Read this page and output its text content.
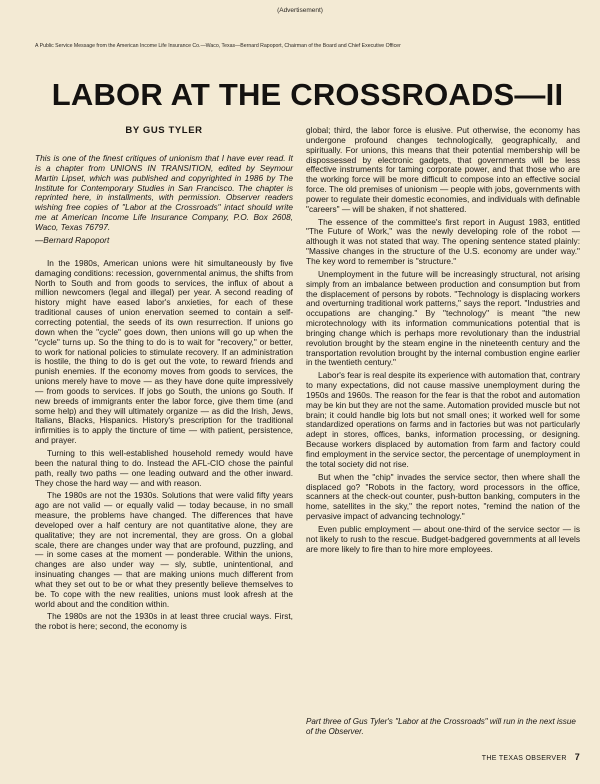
(Advertisement)
A Public Service Message from the American Income Life Insurance Co.—Waco, Texas—Bernard Rapoport, Chairman of the Board and Chief Executive Officer
LABOR AT THE CROSSROADS—II
BY GUS TYLER

This is one of the finest critiques of unionism that I have ever read. It is a chapter from UNIONS IN TRANSITION, edited by Seymour Martin Lipset, which was published and copyrighted in 1986 by The Institute for Contemporary Studies in San Francisco. The chapter is reprinted here, in installments, with permission. Observer readers wishing free copies of "Labor at the Crossroads" intact should write me at American Income Life Insurance Company, P.O. Box 2608, Waco, Texas 76797.

—Bernard Rapoport

In the 1980s, American unions were hit simultaneously by five damaging conditions: recession, governmental animus, the shifts from North to South and from goods to services, the influx of about a million newcomers (legal and illegal) per year. A second reading of history might have eased labor's anxieties, for each of these traditional causes of union enervation seemed to contain a self-correcting potential, the seeds of its own resurrection. If unions go down when the "cycle" goes down, then unions will go up when the "cycle" turns up. So the thing to do is to wait for "recovery," or better, to work for national policies to stimulate recovery. If an administration is hostile, the thing to do is get out the vote, to reward friends and punish enemies. If the economy moves from goods to services, the unions merely have to move — as they have done quite impressively — from goods to services. If jobs go South, the unions go South. If new breeds of immigrants enter the labor force, give them time (and some help) and they will ultimately organize — as did the Irish, Jews, Italians, Blacks, Hispanics. History's prescription for the traditional infirmities is to apply the tincture of time — with patient, persistence, and prayer.

Turning to this well-established household remedy would have been the natural thing to do. Instead the AFL-CIO chose the painful path, really two paths — one leading outward and the other inward. They chose the hard way — and with reason.

The 1980s are not the 1930s. Solutions that were valid fifty years ago are not valid — or equally valid — today because, in no small measure, the problems have changed. The differences that have developed over a half century are not quantitative alone, they are qualitative; they are not incremental, they are gross. On a global scale, there are changes under way that are profound, puzzling, and — in some cases at the moment — ponderable. Within the unions, changes are also under way — sly, subtle, unintentional, and insinuating changes — that are making unions much different from what they set out to be or what they presently believe themselves to be. To cope with the new realities, unions must look afresh at the world about and the condition within.

The 1980s are not the 1930s in at least three crucial ways. First, the robot is here; second, the economy is

global; third, the labor force is elusive. Put otherwise, the economy has undergone profound changes technologically, geographically, and spiritually. For unions, this means that their potential membership will be dispossessed by electronic gadgets, that governments will be less effective instruments for taming corporate power, and that those who are the working force will be more difficult to compose into an effective social force. The old premises of unionism — people with jobs, governments with power to regulate their domestic economies, and individuals with definable "careers" — will be shaken, if not shattered.

The essence of the committee's first report in August 1983, entitled "The Future of Work," was the newly developing role of the robot — although it was not stated that way. The opening sentence stated plainly: "Massive changes in the structure of the U.S. economy are under way." The key word to remember is "structure."

Unemployment in the future will be increasingly structural, not arising simply from an imbalance between production and consumption but from the displacement of persons by robots. "Technology is displacing workers and overturning traditional work patterns," says the report. "Industries and occupations are changing." By "technology" is meant "the new microtechnology with its information communications potential that is bringing change which is perhaps more revolutionary than the industrial revolution brought by the steam engine in the nineteenth century and the transportation revolution brought by the internal combustion engine earlier in the twentieth century."

Labor's fear is real despite its experience with automation that, contrary to many expectations, did not cause massive unemployment during the 1950s and 1960s. The reason for the fear is that the robot and automation may be kin but they are not the same. Automation provided muscle but not brain; it could handle big lots but not small ones; it worked well for some standardized operations on farms and in factories but was not particularly adept in stores, offices, banks, information processing, or designing. Because workers displaced by automation from farm and factory could find employment in the service sector, the percentage of unemployment in the total society did not rise.

But when the "chip" invades the service sector, then where shall the displaced go? "Robots in the factory, word processors in the office, scanners at the check-out counter, push-button banking, computers in the home, satellites in the sky," the report notes, "remind the nation of the pervasive impact of advancing technology."

Even public employment — about one-third of the service sector — is not likely to rush to the rescue. Budget-badgered governments at all levels are more likely to fire than to hire more employees.

Part three of Gus Tyler's "Labor at the Crossroads" will run in the next issue of the Observer.
THE TEXAS OBSERVER 7
